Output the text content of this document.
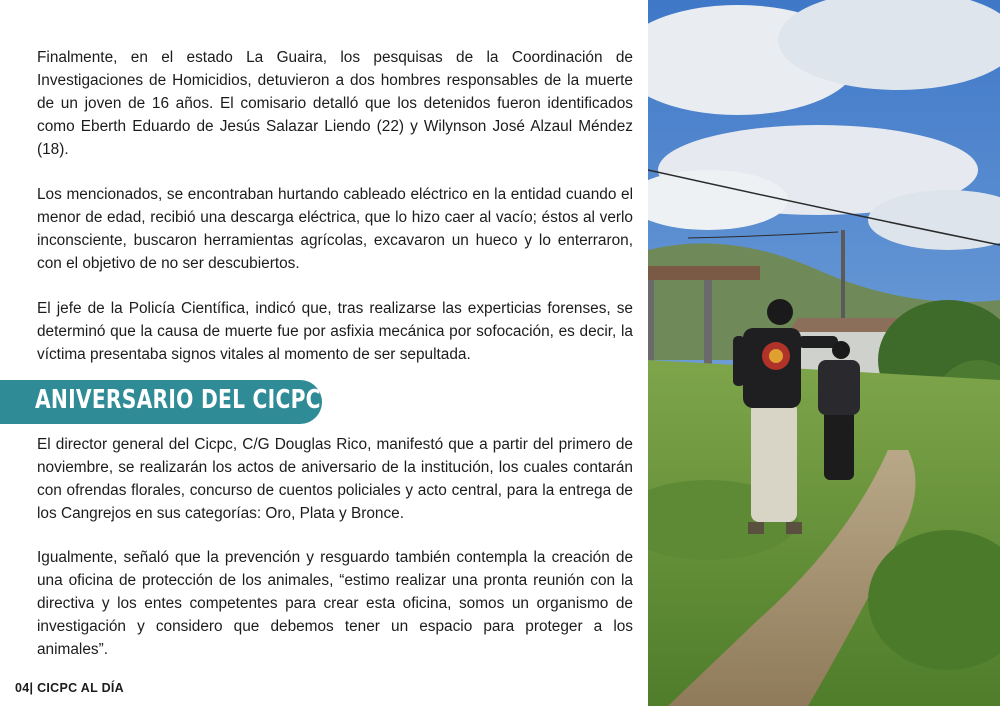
Finalmente, en el estado La Guaira, los pesquisas de la Coordinación de Investigaciones de Homicidios, detuvieron a dos hombres responsables de la muerte de un joven de 16 años. El comisario detalló que los detenidos fueron identificados como Eberth Eduardo de Jesús Salazar Liendo (22) y Wilynson José Alzaul Méndez (18).

Los mencionados, se encontraban hurtando cableado eléctrico en la entidad cuando el menor de edad, recibió una descarga eléctrica, que lo hizo caer al vacío; éstos al verlo inconsciente, buscaron herramientas agrícolas, excavaron un hueco y lo enterraron, con el objetivo de no ser descubiertos.

El jefe de la Policía Científica, indicó que, tras realizarse las experticias forenses, se determinó que la causa de muerte fue por asfixia mecánica por sofocación, es decir, la víctima presentaba signos vitales al momento de ser sepultada.

El director general del Cicpc, C/G Douglas Rico, manifestó que a partir del primero de noviembre, se realizarán los actos de aniversario de la institución, los cuales contarán con ofrendas florales, concurso de cuentos policiales y acto central, para la entrega de los Cangrejos en sus categorías: Oro, Plata y Bronce.

Igualmente, señaló que la prevención y resguardo también contempla la creación de una oficina de protección de los animales, “estimo realizar una pronta reunión con la directiva y los entes competentes para crear esta oficina, somos un organismo de investigación y considero que debemos tener un espacio para proteger a los animales”.

ANIVERSARIO DEL CICPC
04| CICPC AL DÍA
